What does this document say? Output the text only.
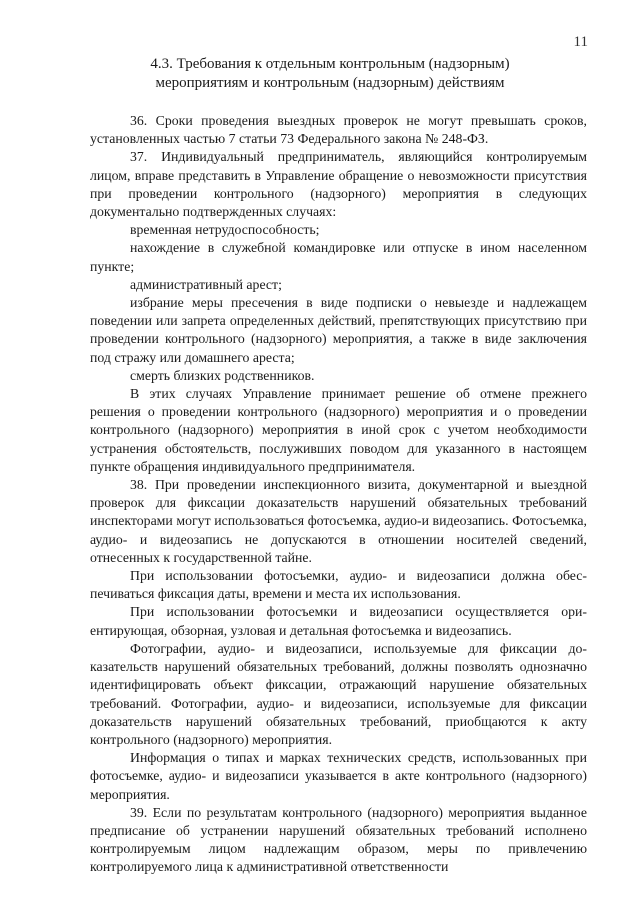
11
4.3. Требования к отдельным контрольным (надзорным)
мероприятиям и контрольным (надзорным) действиям

36. Сроки проведения выездных проверок не могут превышать сроков, установленных частью 7 статьи 73 Федерального закона № 248-ФЗ.

37. Индивидуальный предприниматель, являющийся контролируемым лицом, вправе представить в Управление обращение о невозможности присутствия при проведении контрольного (надзорного) мероприятия в следующих документально подтвержденных случаях:

временная нетрудоспособность;

нахождение в служебной командировке или отпуске в ином населенном пункте;

административный арест;

избрание меры пресечения в виде подписки о невыезде и надлежащем поведении или запрета определенных действий, препятствующих присутствию при проведении контрольного (надзорного) мероприятия, а также в виде заключения под стражу или домашнего ареста;

смерть близких родственников.

В этих случаях Управление принимает решение об отмене прежнего решения о проведении контрольного (надзорного) мероприятия и о проведении контрольного (надзорного) мероприятия в иной срок с учетом необходимости устранения обстоятельств, послуживших поводом для указанного в настоящем пункте обращения индивидуального предпринимателя.

38. При проведении инспекционного визита, документарной и выездной проверок для фиксации доказательств нарушений обязательных требований инспекторами могут использоваться фотосъемка, аудио-и видеозапись. Фотосъемка, аудио- и видеозапись не допускаются в отношении носителей сведений, отнесенных к государственной тайне.

При использовании фотосъемки, аудио- и видеозаписи должна обеспечиваться фиксация даты, времени и места их использования.

При использовании фотосъемки и видеозаписи осуществляется ориентирующая, обзорная, узловая и детальная фотосъемка и видеозапись.

Фотографии, аудио- и видеозаписи, используемые для фиксации доказательств нарушений обязательных требований, должны позволять однозначно идентифицировать объект фиксации, отражающий нарушение обязательных требований. Фотографии, аудио- и видеозаписи, используемые для фиксации доказательств нарушений обязательных требований, приобщаются к акту контрольного (надзорного) мероприятия.

Информация о типах и марках технических средств, использованных при фотосъемке, аудио- и видеозаписи указывается в акте контрольного (надзорного) мероприятия.

39. Если по результатам контрольного (надзорного) мероприятия выданное предписание об устранении нарушений обязательных требований исполнено контролируемым лицом надлежащим образом, меры по привлечению контролируемого лица к административной ответственности
